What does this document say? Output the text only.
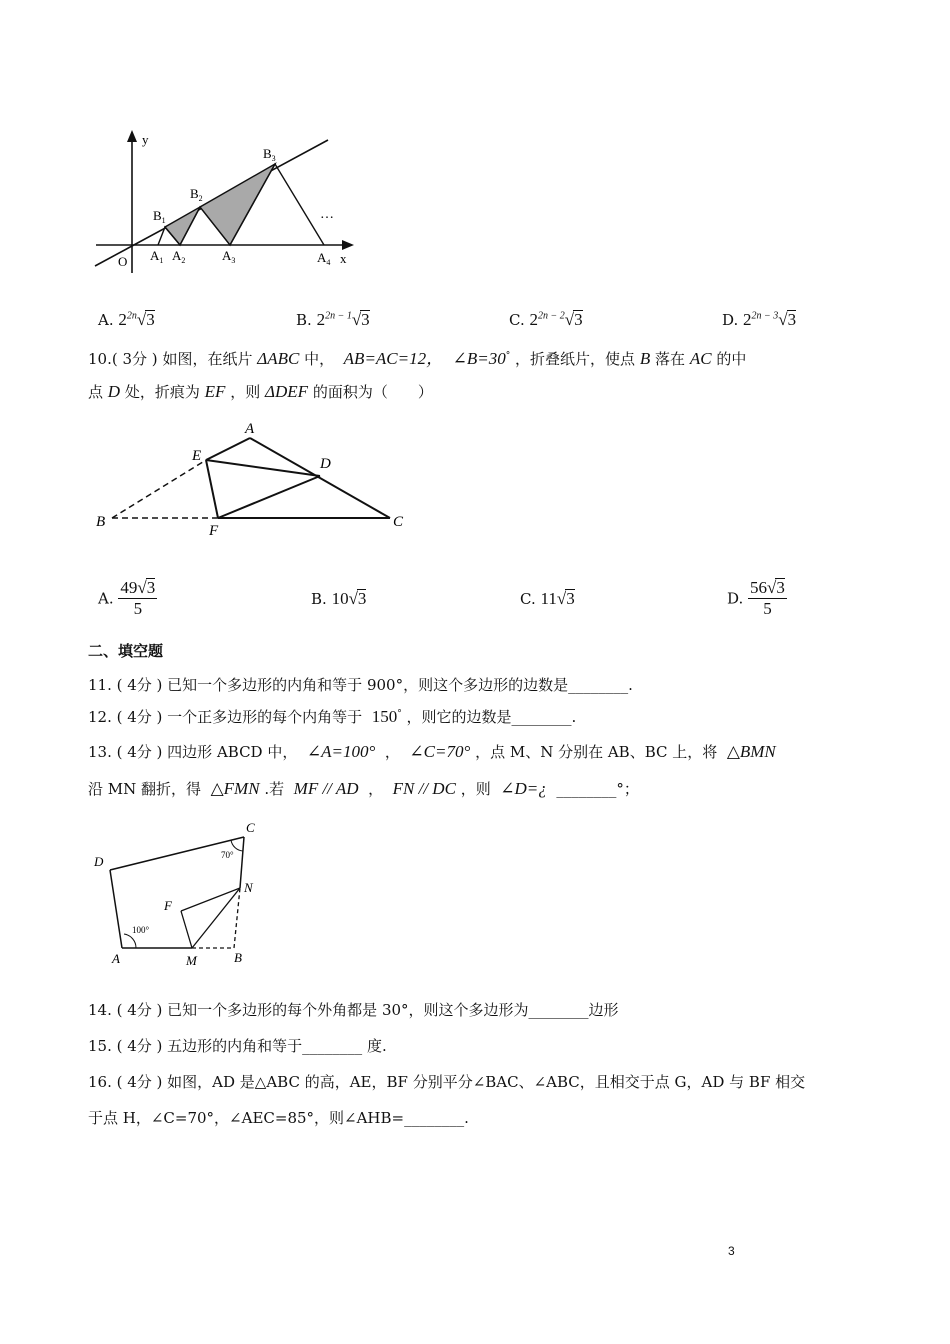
y
x
O $A_1$ $A_2$	$A_3$	$A_4$
$B_1$
$B_2$
$B_3$
…
A. $2^{2n}√3$	B. $2^{2n - 1}√3$	C. $2^{2n - 2}√3$	D. $2^{2n - 3}√3$
10.( 3分 ) 如图，在纸片 ΔABC 中， AB=AC=12， ∠B=30° ，折叠纸片，使点 B 落在 AC 的中
点 D 处，折痕为 EF ，则 ΔDEF 的面积为（　　）
A
E	D
B
F
C
A. $\frac{49√3}{5}$	B. 10√3	C. 11√3	D. $\frac{56√3}{5}$
二、填空题
11. ( 4分 ) 已知一个多边形的内角和等于 900°，则这个多边形的边数是________.
12. ( 4分 ) 一个正多边形的每个内角等于 150° ，则它的边数是________.
13. ( 4分 ) 四边形 ABCD 中， ∠A=100° ， ∠C=70° ，点 M、N 分别在 AB、BC 上，将 △BMN
沿 MN 翻折，得 △FMN .若 MF // AD ， FN // DC ，则 ∠D=¿ ________°；
D
C
70°
N
F
100°
A	M	B
14. ( 4分 ) 已知一个多边形的每个外角都是 30°，则这个多边形为________边形
15. ( 4分 ) 五边形的内角和等于________ 度.
16. ( 4分 ) 如图，AD 是△ABC 的高，AE，BF 分别平分∠BAC、∠ABC，且相交于点 G，AD 与 BF 相交
于点 H，∠C=70°，∠AEC=85°，则∠AHB=________.
3
